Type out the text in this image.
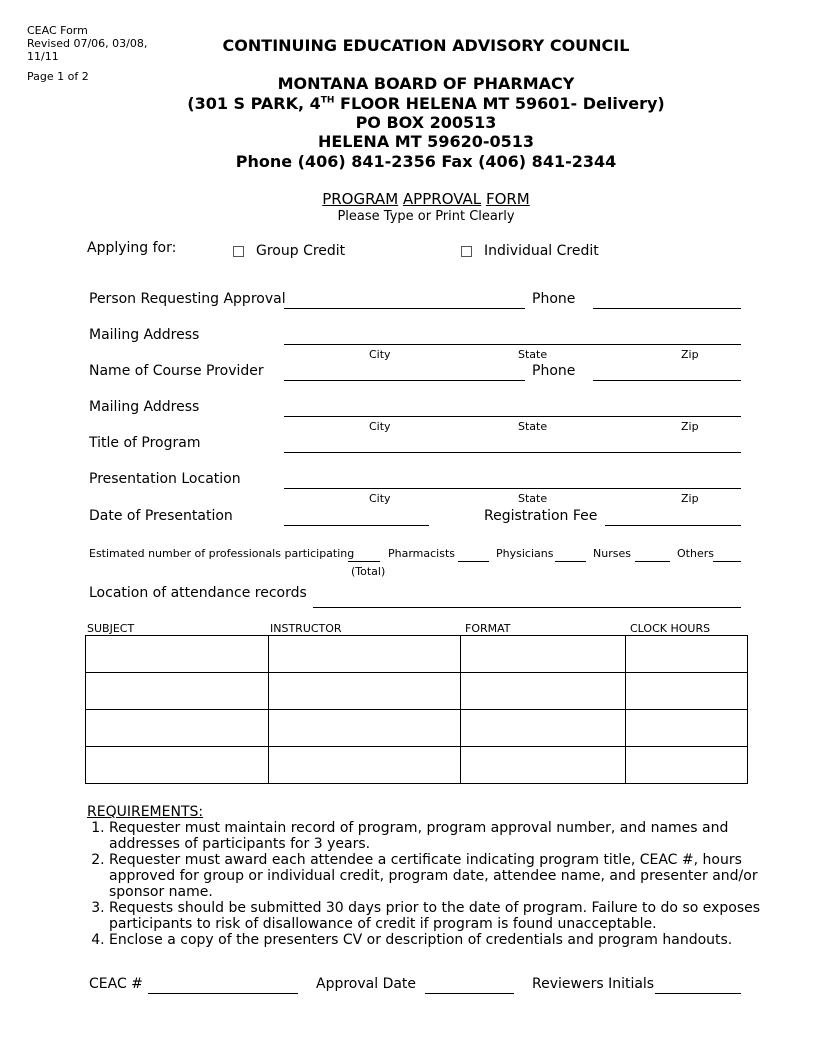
CEAC Form
Revised 07/06, 03/08,
11/11
Page 1 of 2
CONTINUING EDUCATION ADVISORY COUNCIL
MONTANA BOARD OF PHARMACY
(301 S PARK, 4TH FLOOR HELENA MT 59601- Delivery)
PO BOX 200513
HELENA MT 59620-0513
Phone (406) 841-2356 Fax (406) 841-2344
PROGRAM APPROVAL FORM
Please Type or Print Clearly
Applying for:	Group Credit	Individual Credit
Person Requesting Approval	Phone
Mailing Address
City	State	Zip
Name of Course Provider	Phone
Mailing Address
City	State	Zip
Title of Program
Presentation Location
City	State	Zip
Date of Presentation	Registration Fee
Estimated number of professionals participating	Pharmacists	Physicians	Nurses	Others
(Total)
Location of attendance records
SUBJECT	INSTRUCTOR	FORMAT	CLOCK HOURS

REQUIREMENTS:
1. Requester must maintain record of program, program approval number, and names and addresses of participants for 3 years.
2. Requester must award each attendee a certificate indicating program title, CEAC #, hours approved for group or individual credit, program date, attendee name, and presenter and/or sponsor name.
3. Requests should be submitted 30 days prior to the date of program. Failure to do so exposes participants to risk of disallowance of credit if program is found unacceptable.
4. Enclose a copy of the presenters CV or description of credentials and program handouts.
CEAC #	Approval Date	Reviewers Initials
